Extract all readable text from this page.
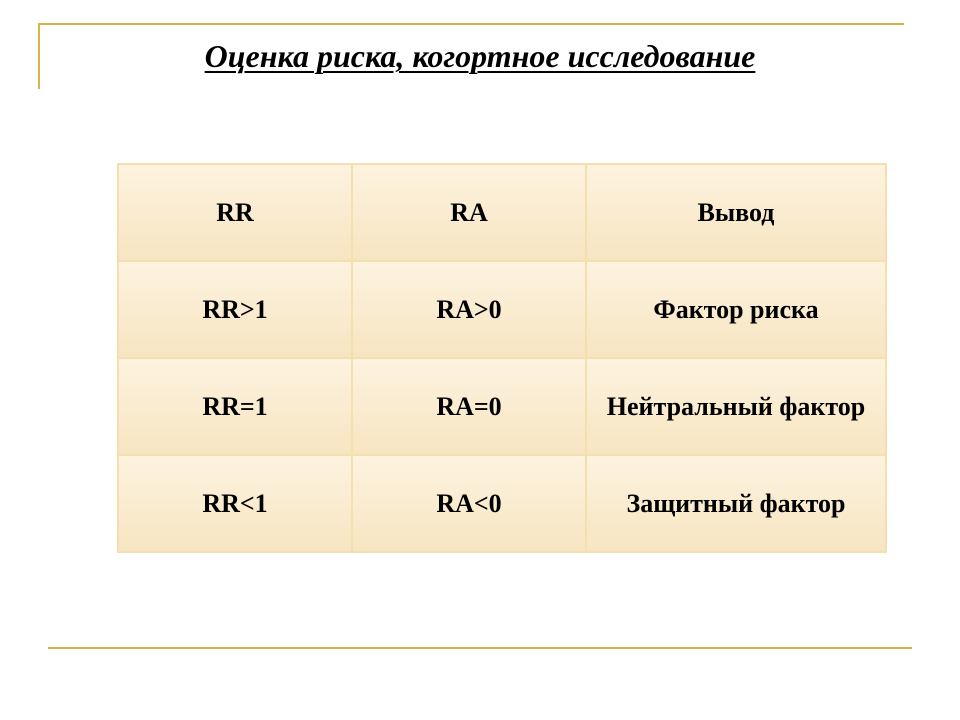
Оценка риска, когортное исследование
RR	RA	Вывод
RR>1	RA>0	Фактор риска
RR=1	RA=0	Нейтральный фактор
RR<1	RA<0	Защитный фактор
